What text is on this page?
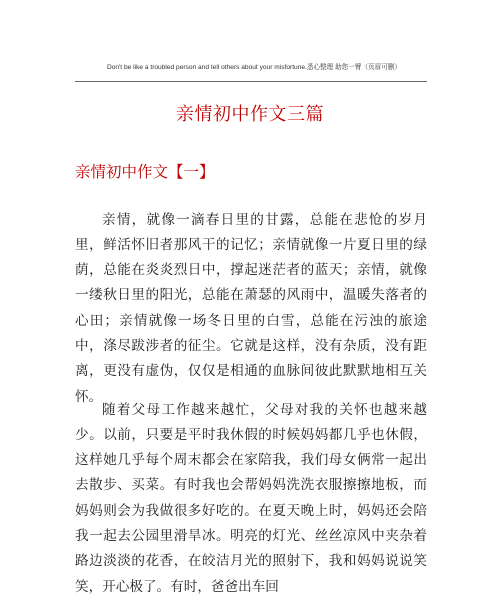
Don't be like a troubled person and tell others about your misfortune.悉心整理 助您一臂（页眉可删）
亲情初中作文三篇
亲情初中作文【一】

亲情，就像一滴春日里的甘露，总能在悲怆的岁月里，鲜活怀旧者那风干的记忆；亲情就像一片夏日里的绿荫，总能在炎炎烈日中，撑起迷茫者的蓝天；亲情，就像一缕秋日里的阳光，总能在萧瑟的风雨中，温暖失落者的心田；亲情就像一场冬日里的白雪，总能在污浊的旅途中，涤尽跋涉者的征尘。它就是这样，没有杂质，没有距离，更没有虚伪，仅仅是相通的血脉间彼此默默地相互关怀。

随着父母工作越来越忙，父母对我的关怀也越来越少。以前，只要是平时我休假的时候妈妈都几乎也休假，这样她几乎每个周末都会在家陪我，我们母女俩常一起出去散步、买菜。有时我也会帮妈妈洗洗衣服擦擦地板，而妈妈则会为我做很多好吃的。在夏天晚上时，妈妈还会陪我一起去公园里滑旱冰。明亮的灯光、丝丝凉风中夹杂着路边淡淡的花香，在皎洁月光的照射下，我和妈妈说说笑笑，开心极了。有时，爸爸出车回
